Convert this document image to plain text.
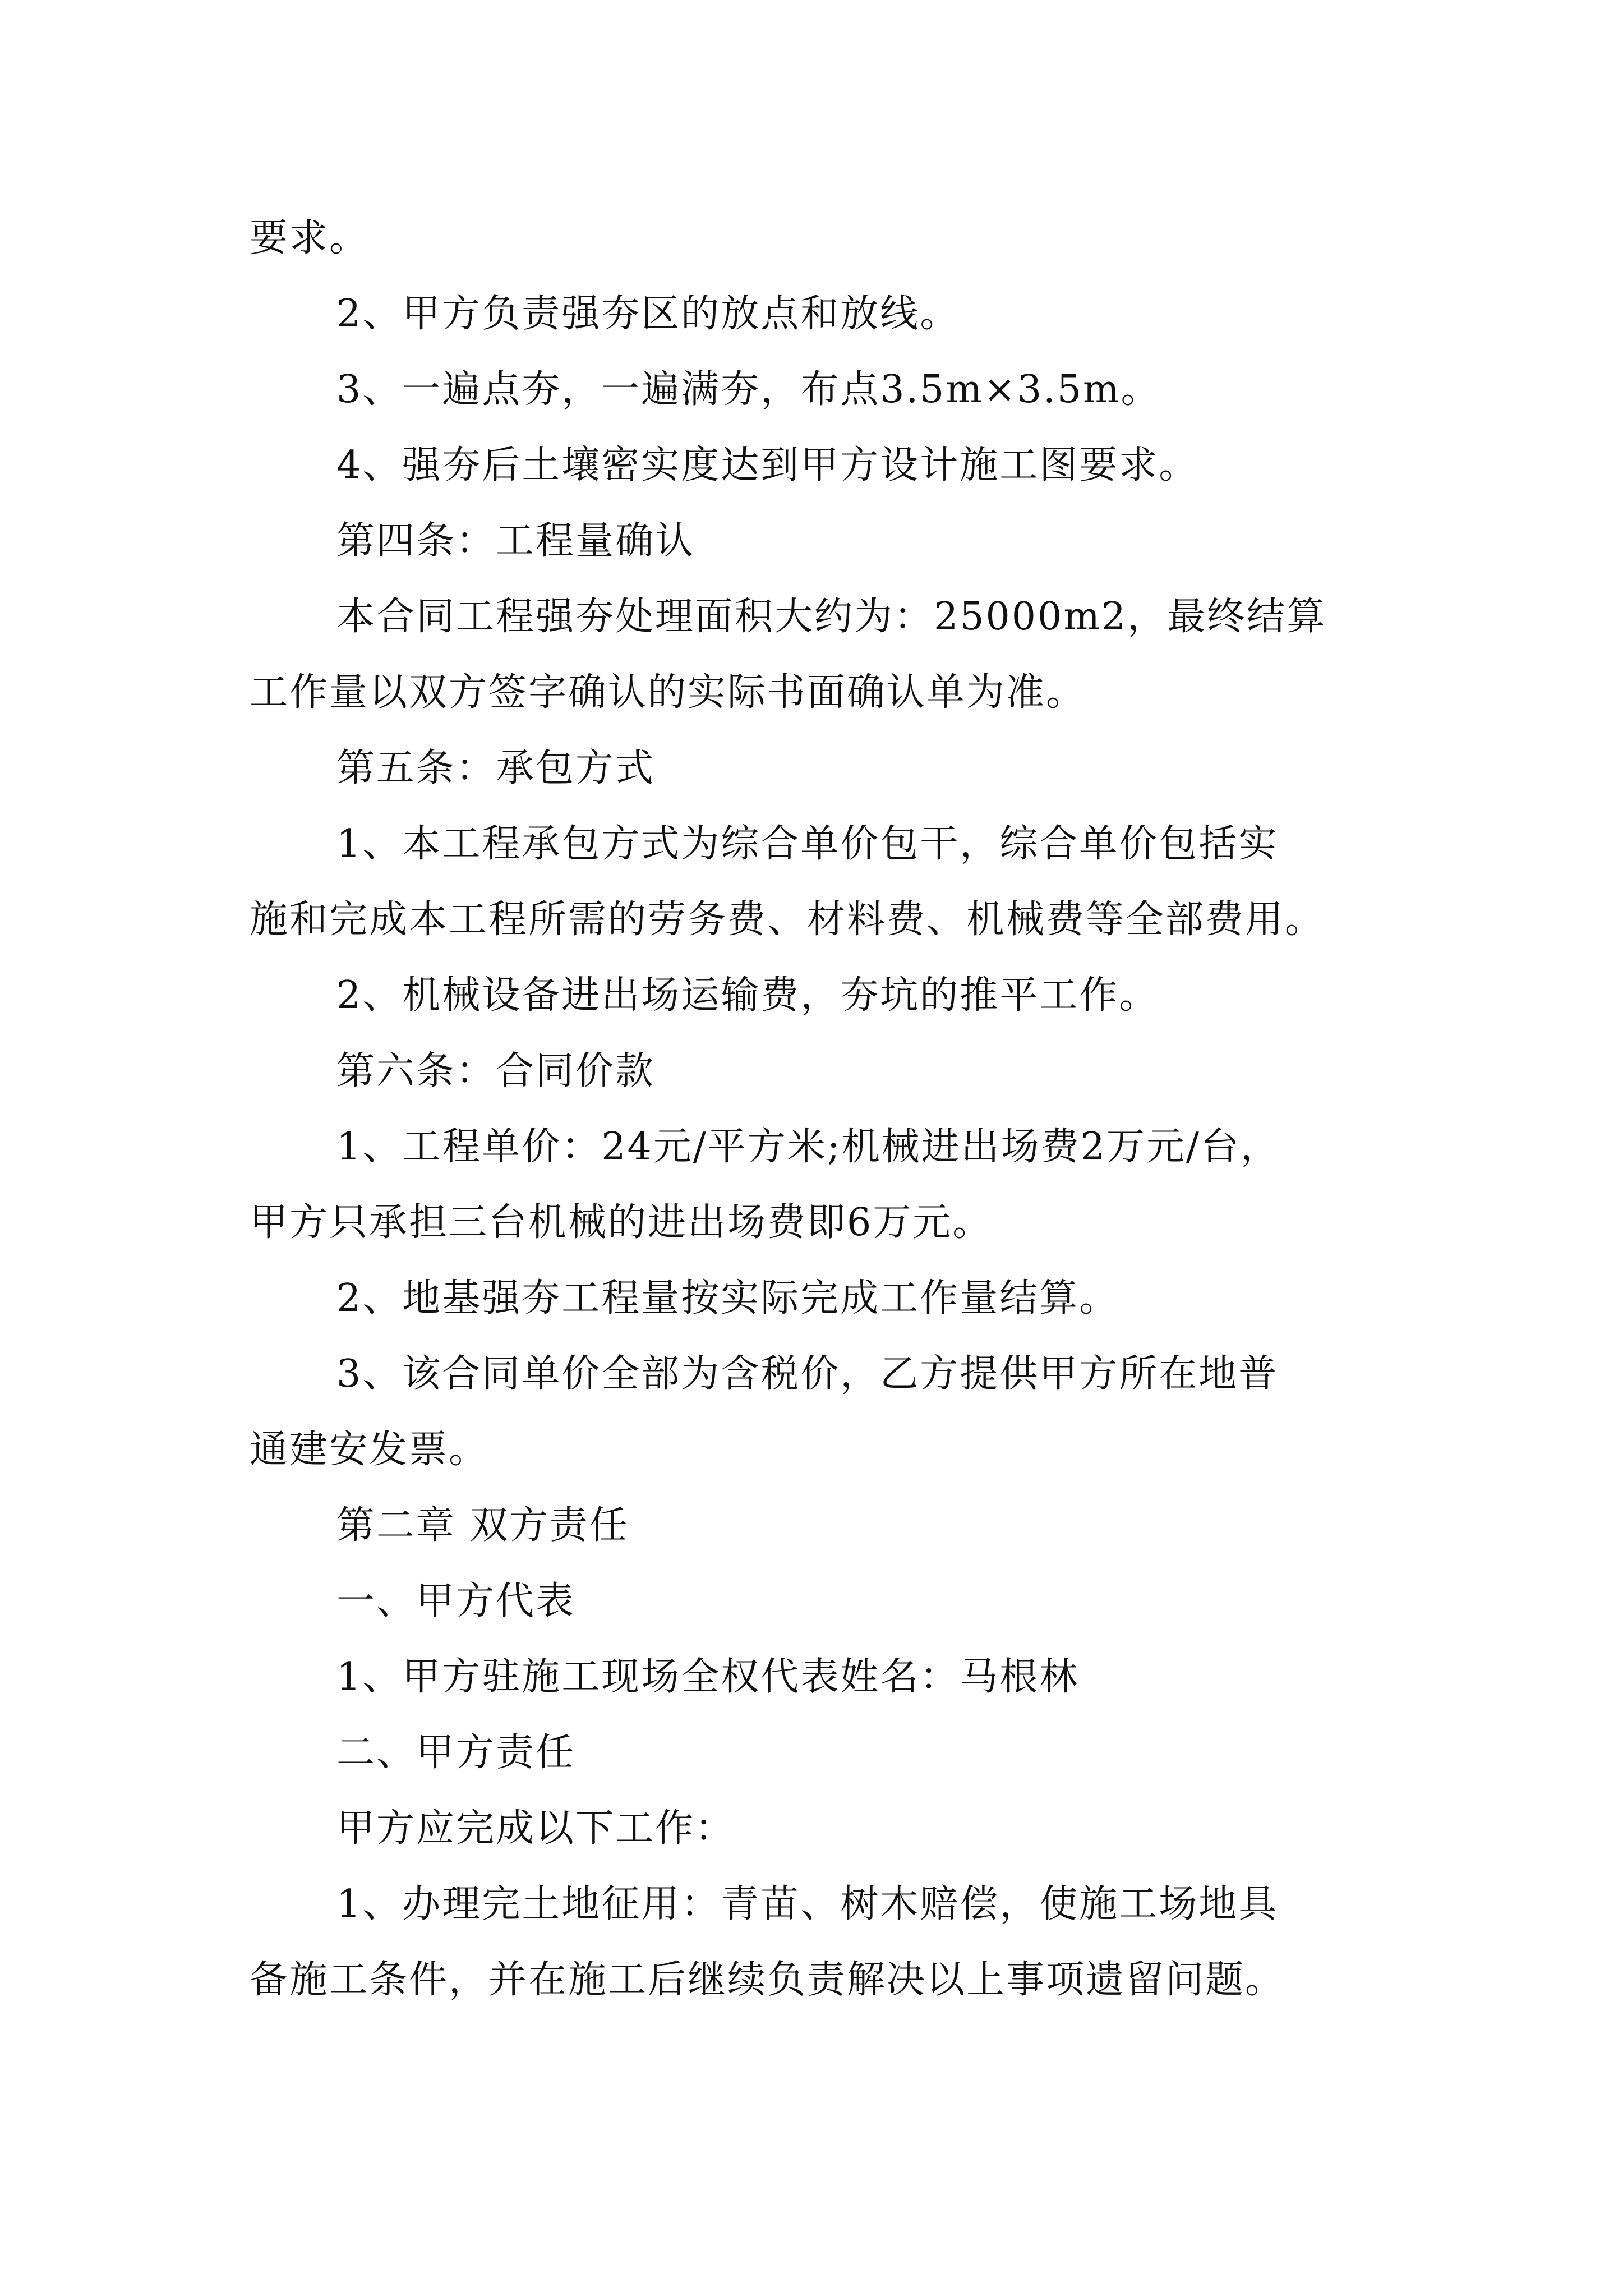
要求。
2、甲方负责强夯区的放点和放线。
3、一遍点夯，一遍满夯，布点3.5m×3.5m。
4、强夯后土壤密实度达到甲方设计施工图要求。
第四条：工程量确认
本合同工程强夯处理面积大约为：25000m2，最终结算
工作量以双方签字确认的实际书面确认单为准。
第五条：承包方式
1、本工程承包方式为综合单价包干，综合单价包括实
施和完成本工程所需的劳务费、材料费、机械费等全部费用。
2、机械设备进出场运输费，夯坑的推平工作。
第六条：合同价款
1、工程单价：24元/平方米;机械进出场费2万元/台，
甲方只承担三台机械的进出场费即6万元。
2、地基强夯工程量按实际完成工作量结算。
3、该合同单价全部为含税价，乙方提供甲方所在地普
通建安发票。
第二章 双方责任
一、甲方代表
1、甲方驻施工现场全权代表姓名：马根林
二、甲方责任
甲方应完成以下工作：
1、办理完土地征用：青苗、树木赔偿，使施工场地具
备施工条件，并在施工后继续负责解决以上事项遗留问题。
